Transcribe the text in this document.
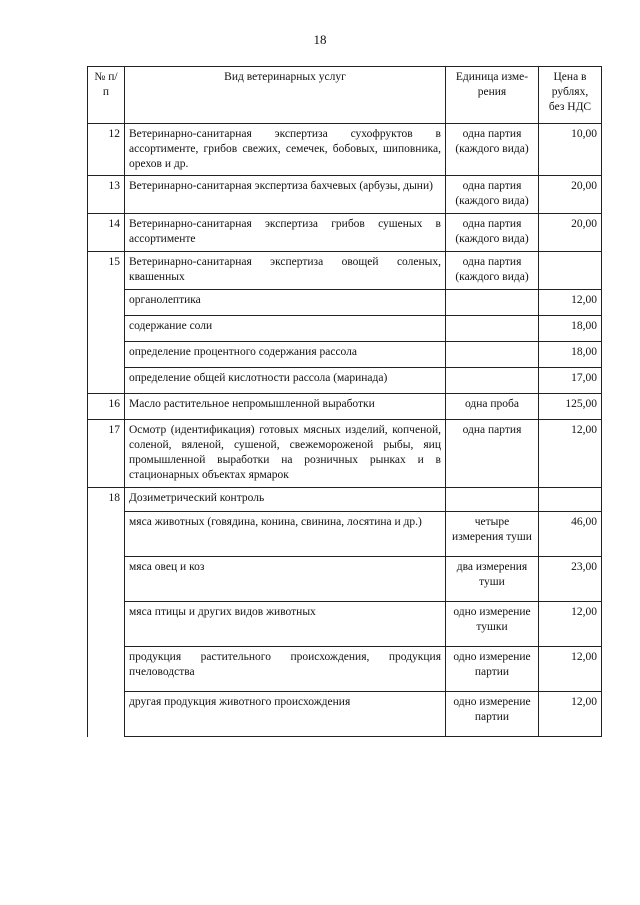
18
№ п/п	Вид ветеринарных услуг	Единица изме-рения	Цена в рублях, без НДС
12	Ветеринарно-санитарная экспертиза сухофруктов в ассортименте, грибов свежих, семечек, бобовых, шиповника, орехов и др.	одна партия (каждого вида)	10,00
13	Ветеринарно-санитарная экспертиза бахчевых (арбузы, дыни)	одна партия (каждого вида)	20,00
14	Ветеринарно-санитарная экспертиза грибов сушеных в ассортименте	одна партия (каждого вида)	20,00
15	Ветеринарно-санитарная экспертиза овощей соленых, квашенных	одна партия (каждого вида)	
	органолептика		12,00
	содержание соли		18,00
	определение процентного содержания рассола		18,00
	определение общей кислотности рассола (маринада)		17,00
16	Масло растительное непромышленной выработки	одна проба	125,00
17	Осмотр (идентификация) готовых мясных изделий, копченой, соленой, вяленой, сушеной, свежемороженой рыбы, яиц промышленной выработки на розничных рынках и в стационарных объектах ярмарок	одна партия	12,00
18	Дозиметрический контроль		
	мяса животных (говядина, конина, свинина, лосятина и др.)	четыре измерения туши	46,00
	мяса овец и коз	два измерения туши	23,00
	мяса птицы и других видов животных	одно измерение тушки	12,00
	продукция растительного происхождения, продукция пчеловодства	одно измерение партии	12,00
	другая продукция животного происхождения	одно измерение партии	12,00
